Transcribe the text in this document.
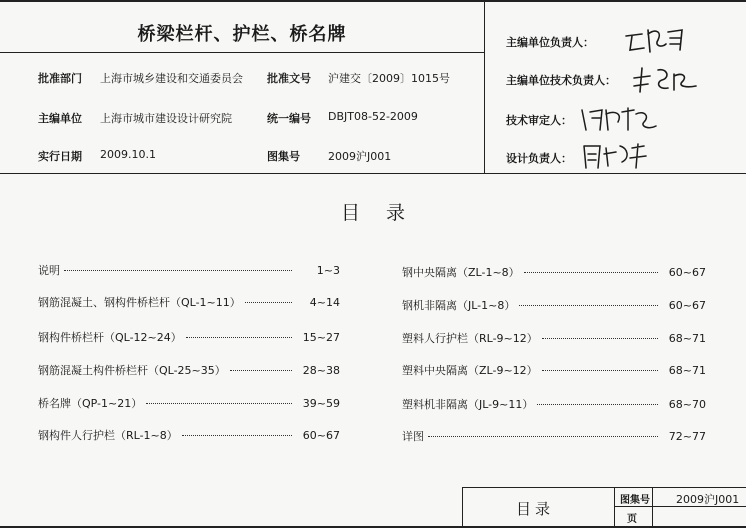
桥梁栏杆、护栏、桥名牌
批准部门 上海市城乡建设和交通委员会 批准文号 沪建交〔2009〕1015号
主编单位 上海市城市建设设计研究院	统一编号 DBJT08-52-2009
实行日期 2009.10.1	图集号	2009沪J001
主编单位负责人：
主编单位技术负责人：
技术审定人：
设计负责人：
目录
说明	1~3
钢筋混凝土、钢构件桥栏杆（QL-1~11）	4~14
钢构件桥栏杆（QL-12~24）	15~27
钢筋混凝土构件桥栏杆（QL-25~35）	28~38
桥名牌（QP-1~21）	39~59
钢构件人行护栏（RL-1~8）	60~67
钢中央隔离（ZL-1~8）	60~67
钢机非隔离（JL-1~8）	60~67
塑料人行护栏（RL-9~12）	68~71
塑料中央隔离（ZL-9~12）	68~71
塑料机非隔离（JL-9~11）	68~70
详图	72~77
目录	图集号 2009沪J001
页
